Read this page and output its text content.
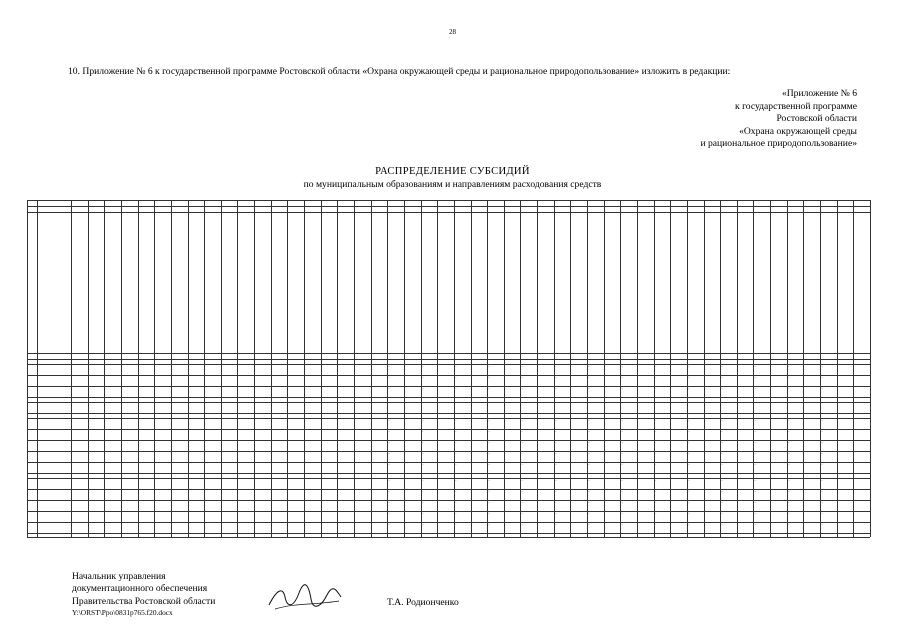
28
10. Приложение № 6 к государственной программе Ростовской области «Охрана окружающей среды и рациональное природопользование» изложить в редакции:
«Приложение № 6
к государственной программе
Ростовской области
«Охрана окружающей среды
и рациональное природопользование»
РАСПРЕДЕЛЕНИЕ СУБСИДИЙ
по муниципальным образованиям и направлениям расходования средств
–	–	–	–	–	–	–	–	–	–	–	–	–	–
–	–	–	–	–	–	–	–	–	–	–	–	–	–
–	–	–	–	–	–	–	–	–	–	–	–	–	–
–	–	–	–	–	–	–	–	–	–	–	–	–	–
–	–	–	–	–	–	–	–	–	–	–	–	–	–
–	–	–	–	–	–	–	–	–	–	–	–	–	–
–	–	–	–	–	–	–	–	–	–	–	–	–	–
–	–	–	–	–	–	–	–	–	–	–	–	–	–
–	–	–	–	–	–	–	–	–	–	–	–	–	–
–	–	–	–	–	–	–	–	–	–	–	–	–	–
–	–	–	–	–	–	–	–	–	–	–	–	–	–
–	–	–	–	–	–	–	–	–	–	–	–	–	–
–	–	–	–	–	–	–	–	–	–	–	–	–	–
Начальник управления
документационного обеспечения
Правительства Ростовской области
Y:\ORST\Ppo\0831p765.f20.docx
Т.А. Родионченко
